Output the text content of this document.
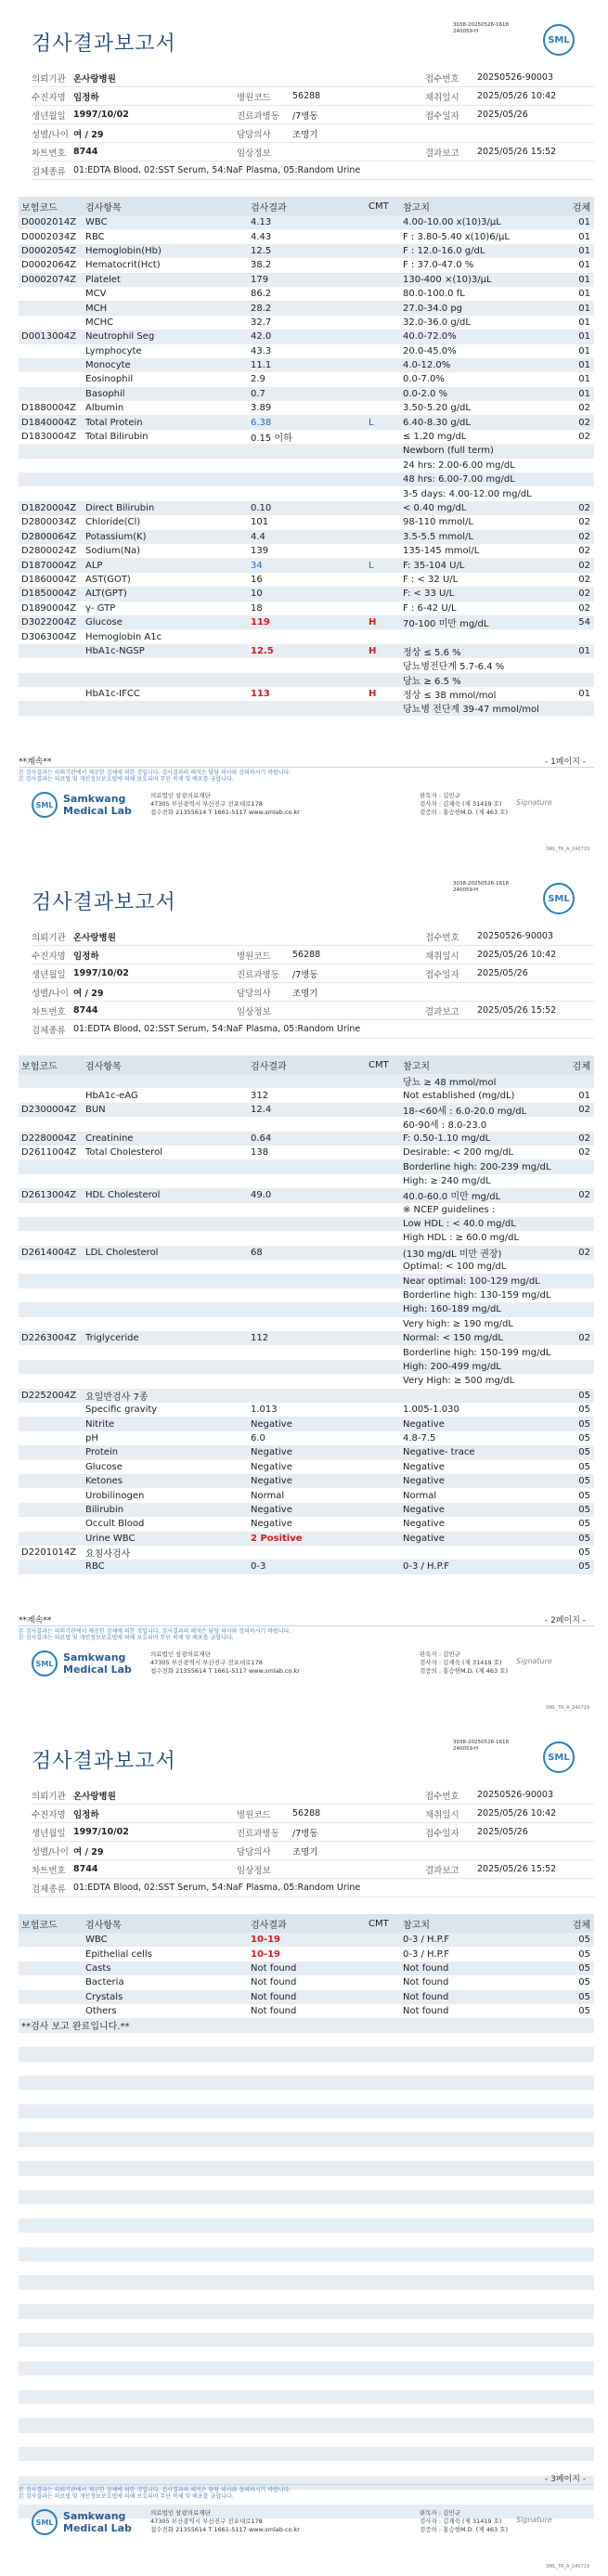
3038-20250526-1618
240059-H
SML
검사결과보고서
의뢰기관 온사랑병원	접수번호	20250526-90003
수진자명 임정하	병원코드	56288	채취일시	2025/05/26 10:42
생년월일 1997/10/02	진료과병동	/7병동	접수일자	2025/05/26
성별/나이 여 / 29	담당의사	조명기
차트번호 8744	임상정보	결과보고	2025/05/26 15:52
검체종류 01:EDTA Blood, 02:SST Serum, 54:NaF Plasma, 05:Random Urine
보험코드	검사항목	검사결과	CMT	참고치	검체
D0002014Z WBC	4.13	4.00-10.00 x(10)3/µL	01
D0002034Z RBC	4.43	F : 3.80-5.40 x(10)6/µL	01
D0002054Z Hemoglobin(Hb)	12.5	F : 12.0-16.0 g/dL	01
D0002064Z Hematocrit(Hct)	38.2	F : 37.0-47.0 %	01
D0002074Z Platelet	179	130-400 ×(10)3/µL	01
MCV	86.2	80.0-100.0 fL	01
MCH	28.2	27.0-34.0 pg	01
MCHC	32.7	32.0-36.0 g/dL	01
D0013004Z Neutrophil Seg	42.0	40.0-72.0%	01
Lymphocyte	43.3	20.0-45.0%	01
Monocyte	11.1	4.0-12.0%	01
Eosinophil	2.9	0.0-7.0%	01
Basophil	0.7	0.0-2.0 %	01
D1880004Z Albumin	3.89	3.50-5.20 g/dL	02
D1840004Z Total Protein	6.38	L	6.40-8.30 g/dL	02
D1830004Z Total Bilirubin	0.15 이하	≤ 1.20 mg/dL	02
Newborn (full term)
24 hrs: 2.00-6.00 mg/dL
48 hrs: 6.00-7.00 mg/dL
3-5 days: 4.00-12.00 mg/dL
D1820004Z Direct Bilirubin	0.10	< 0.40 mg/dL	02
D2800034Z Chloride(Cl)	101	98-110 mmol/L	02
D2800064Z Potassium(K)	4.4	3.5-5.5 mmol/L	02
D2800024Z Sodium(Na)	139	135-145 mmol/L	02
D1870004Z ALP	34	L	F: 35-104 U/L	02
D1860004Z AST(GOT)	16	F : < 32 U/L	02
D1850004Z ALT(GPT)	10	F: < 33 U/L	02
D1890004Z γ- GTP	18	F : 6-42 U/L	02
D3022004Z Glucose	119	H	70-100 미만 mg/dL	54
D3063004Z Hemoglobin A1c
HbA1c-NGSP	12.5	H	정상 ≤ 5.6 %	01
당뇨병전단계 5.7-6.4 %
당뇨 ≥ 6.5 %
HbA1c-IFCC	113	H	정상 ≤ 38 mmol/mol	01
당뇨병 전단계 39-47 mmol/mol
**계속**	- 1페이지 -
본 검사결과는 의뢰기관에서 제공한 검체에 의한 것입니다. 검사결과의 해석은 담당 의사와 상의하시기 바랍니다.
본 검사결과는 의료법 및 개인정보보호법에 의해 보호되며 무단 복제 및 배포를 금합니다.
SML Samkwang
Medical Lab
의료법인 삼광의료재단
47305 부산광역시 부산진구 전포대로178
접수전화 21355614 T 1661-5117 www.smlab.co.kr
판독자 : 김민규
검사자 : 김재숙 (제 31419 호)
검증의 : 홍승헌M.D. (제 463 호)
Signature
SML_TR_A_240719
3038-20250526-1618
240059-H
SML
검사결과보고서
의뢰기관 온사랑병원	접수번호	20250526-90003
수진자명 임정하	병원코드	56288	채취일시	2025/05/26 10:42
생년월일 1997/10/02	진료과병동	/7병동	접수일자	2025/05/26
성별/나이 여 / 29	담당의사	조명기
차트번호 8744	임상정보	결과보고	2025/05/26 15:52
검체종류 01:EDTA Blood, 02:SST Serum, 54:NaF Plasma, 05:Random Urine
보험코드	검사항목	검사결과	CMT	참고치	검체
당뇨 ≥ 48 mmol/mol
HbA1c-eAG	312	Not established (mg/dL)	01
D2300004Z BUN	12.4	18-<60세 : 6.0-20.0 mg/dL	02
60-90세 : 8.0-23.0
D2280004Z Creatinine	0.64	F: 0.50-1.10 mg/dL	02
D2611004Z Total Cholesterol	138	Desirable: < 200 mg/dL	02
Borderline high: 200-239 mg/dL
High: ≥ 240 mg/dL
D2613004Z HDL Cholesterol	49.0	40.0-60.0 미만 mg/dL	02
※ NCEP guidelines :
Low HDL : < 40.0 mg/dL
High HDL : ≥ 60.0 mg/dL
D2614004Z LDL Cholesterol	68	(130 mg/dL 미만 권장)	02
Optimal: < 100 mg/dL
Near optimal: 100-129 mg/dL
Borderline high: 130-159 mg/dL
High: 160-189 mg/dL
Very high: ≥ 190 mg/dL
D2263004Z Triglyceride	112	Normal: < 150 mg/dL	02
Borderline high: 150-199 mg/dL
High: 200-499 mg/dL
Very High: ≥ 500 mg/dL
D2252004Z 요일반검사 7종	05
Specific gravity	1.013	1.005-1.030	05
Nitrite	Negative	Negative	05
pH	6.0	4.8-7.5	05
Protein	Negative	Negative- trace	05
Glucose	Negative	Negative	05
Ketones	Negative	Negative	05
Urobilinogen	Normal	Normal	05
Bilirubin	Negative	Negative	05
Occult Blood	Negative	Negative	05
Urine WBC	2 Positive	Negative	05
D2201014Z 요침사검사	05
RBC	0-3	0-3 / H.P.F	05
**계속**	- 2페이지 -
본 검사결과는 의뢰기관에서 제공한 검체에 의한 것입니다. 검사결과의 해석은 담당 의사와 상의하시기 바랍니다.
본 검사결과는 의료법 및 개인정보보호법에 의해 보호되며 무단 복제 및 배포를 금합니다.
SML Samkwang
Medical Lab
의료법인 삼광의료재단
47305 부산광역시 부산진구 전포대로178
접수전화 21355614 T 1661-5117 www.smlab.co.kr
판독자 : 김민규
검사자 : 김재숙 (제 31419 호)
검증의 : 홍승헌M.D. (제 463 호)
Signature
SML_TR_A_240719
3038-20250526-1618
240059-H
SML
검사결과보고서
의뢰기관 온사랑병원	접수번호	20250526-90003
수진자명 임정하	병원코드	56288	채취일시	2025/05/26 10:42
생년월일 1997/10/02	진료과병동	/7병동	접수일자	2025/05/26
성별/나이 여 / 29	담당의사	조명기
차트번호 8744	임상정보	결과보고	2025/05/26 15:52
검체종류 01:EDTA Blood, 02:SST Serum, 54:NaF Plasma, 05:Random Urine
보험코드	검사항목	검사결과	CMT	참고치	검체
WBC	10-19	0-3 / H.P.F	05
Epithelial cells	10-19	0-3 / H.P.F	05
Casts	Not found	Not found	05
Bacteria	Not found	Not found	05
Crystals	Not found	Not found	05
Others	Not found	Not found	05
**검사 보고 완료입니다.**
- 3페이지 -
본 검사결과는 의뢰기관에서 제공한 검체에 의한 것입니다. 검사결과의 해석은 담당 의사와 상의하시기 바랍니다.
본 검사결과는 의료법 및 개인정보보호법에 의해 보호되며 무단 복제 및 배포를 금합니다.
SML Samkwang
Medical Lab
의료법인 삼광의료재단
47305 부산광역시 부산진구 전포대로178
접수전화 21355614 T 1661-5117 www.smlab.co.kr
판독자 : 김민규
검사자 : 김재숙 (제 31419 호)
검증의 : 홍승헌M.D. (제 463 호)
Signature
SML_TR_A_240719
